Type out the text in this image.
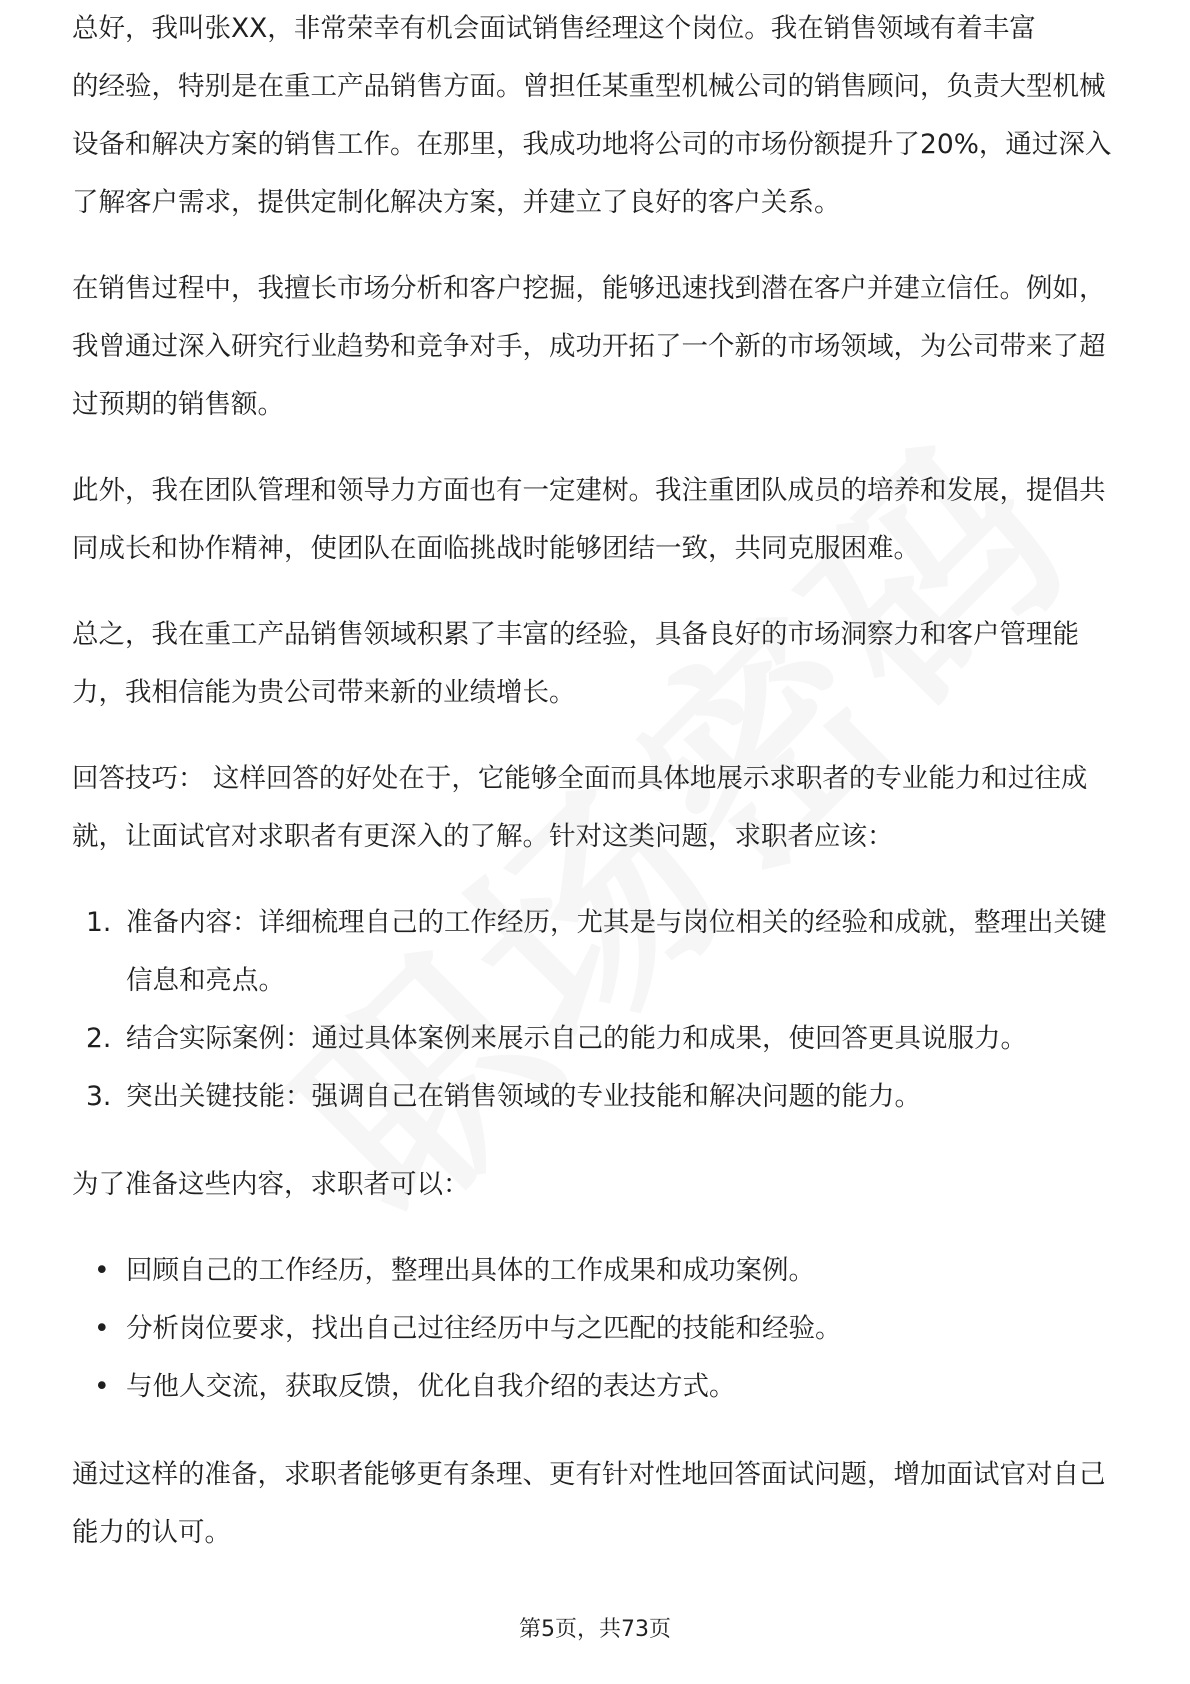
总好，我叫张XX，非常荣幸有机会面试销售经理这个岗位。我在销售领域有着丰富

的经验，特别是在重工产品销售方面。曾担任某重型机械公司的销售顾问，负责大型机械设备和解决方案的销售工作。在那里，我成功地将公司的市场份额提升了20%，通过深入了解客户需求，提供定制化解决方案，并建立了良好的客户关系。

在销售过程中，我擅长市场分析和客户挖掘，能够迅速找到潜在客户并建立信任。例如，我曾通过深入研究行业趋势和竞争对手，成功开拓了一个新的市场领域，为公司带来了超过预期的销售额。

此外，我在团队管理和领导力方面也有一定建树。我注重团队成员的培养和发展，提倡共同成长和协作精神，使团队在面临挑战时能够团结一致，共同克服困难。

总之，我在重工产品销售领域积累了丰富的经验，具备良好的市场洞察力和客户管理能力，我相信能为贵公司带来新的业绩增长。

回答技巧： 这样回答的好处在于，它能够全面而具体地展示求职者的专业能力和过往成就，让面试官对求职者有更深入的了解。针对这类问题，求职者应该：

1. 准备内容：详细梳理自己的工作经历，尤其是与岗位相关的经验和成就，整理出关键信息和亮点。
2. 结合实际案例：通过具体案例来展示自己的能力和成果，使回答更具说服力。
3. 突出关键技能：强调自己在销售领域的专业技能和解决问题的能力。

为了准备这些内容，求职者可以：

• 回顾自己的工作经历，整理出具体的工作成果和成功案例。
• 分析岗位要求，找出自己过往经历中与之匹配的技能和经验。
• 与他人交流，获取反馈，优化自我介绍的表达方式。

通过这样的准备，求职者能够更有条理、更有针对性地回答面试问题，增加面试官对自己能力的认可。

第5页，共73页
